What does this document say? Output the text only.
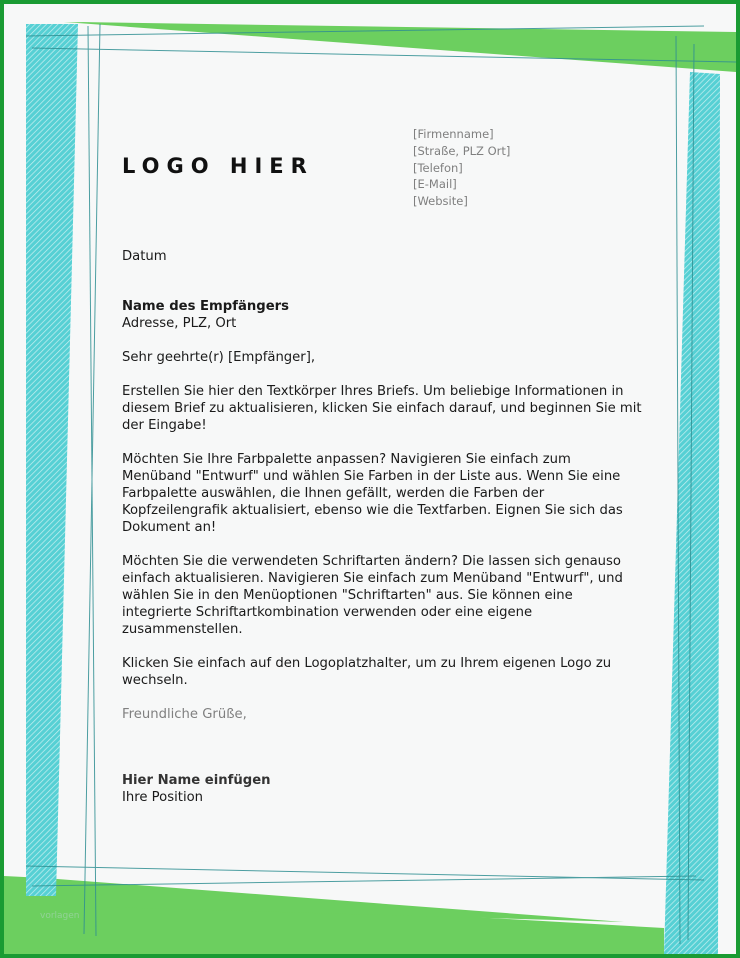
LOGO HIER
[Firmenname]
[Straße, PLZ Ort]
[Telefon]
[E-Mail]
[Website]

Datum

Name des Empfängers

Adresse, PLZ, Ort

Sehr geehrte(r) [Empfänger],

Erstellen Sie hier den Textkörper Ihres Briefs. Um beliebige Informationen in diesem Brief zu aktualisieren, klicken Sie einfach darauf, und beginnen Sie mit der Eingabe!

Möchten Sie Ihre Farbpalette anpassen? Navigieren Sie einfach zum Menüband "Entwurf" und wählen Sie Farben in der Liste aus. Wenn Sie eine Farbpalette auswählen, die Ihnen gefällt, werden die Farben der Kopfzeilengrafik aktualisiert, ebenso wie die Textfarben. Eignen Sie sich das Dokument an!

Möchten Sie die verwendeten Schriftarten ändern? Die lassen sich genauso einfach aktualisieren. Navigieren Sie einfach zum Menüband "Entwurf", und wählen Sie in den Menüoptionen "Schriftarten" aus. Sie können eine integrierte Schriftartkombination verwenden oder eine eigene zusammenstellen.

Klicken Sie einfach auf den Logoplatzhalter, um zu Ihrem eigenen Logo zu wechseln.

Freundliche Grüße,

Hier Name einfügen

Ihre Position

vorlagen
